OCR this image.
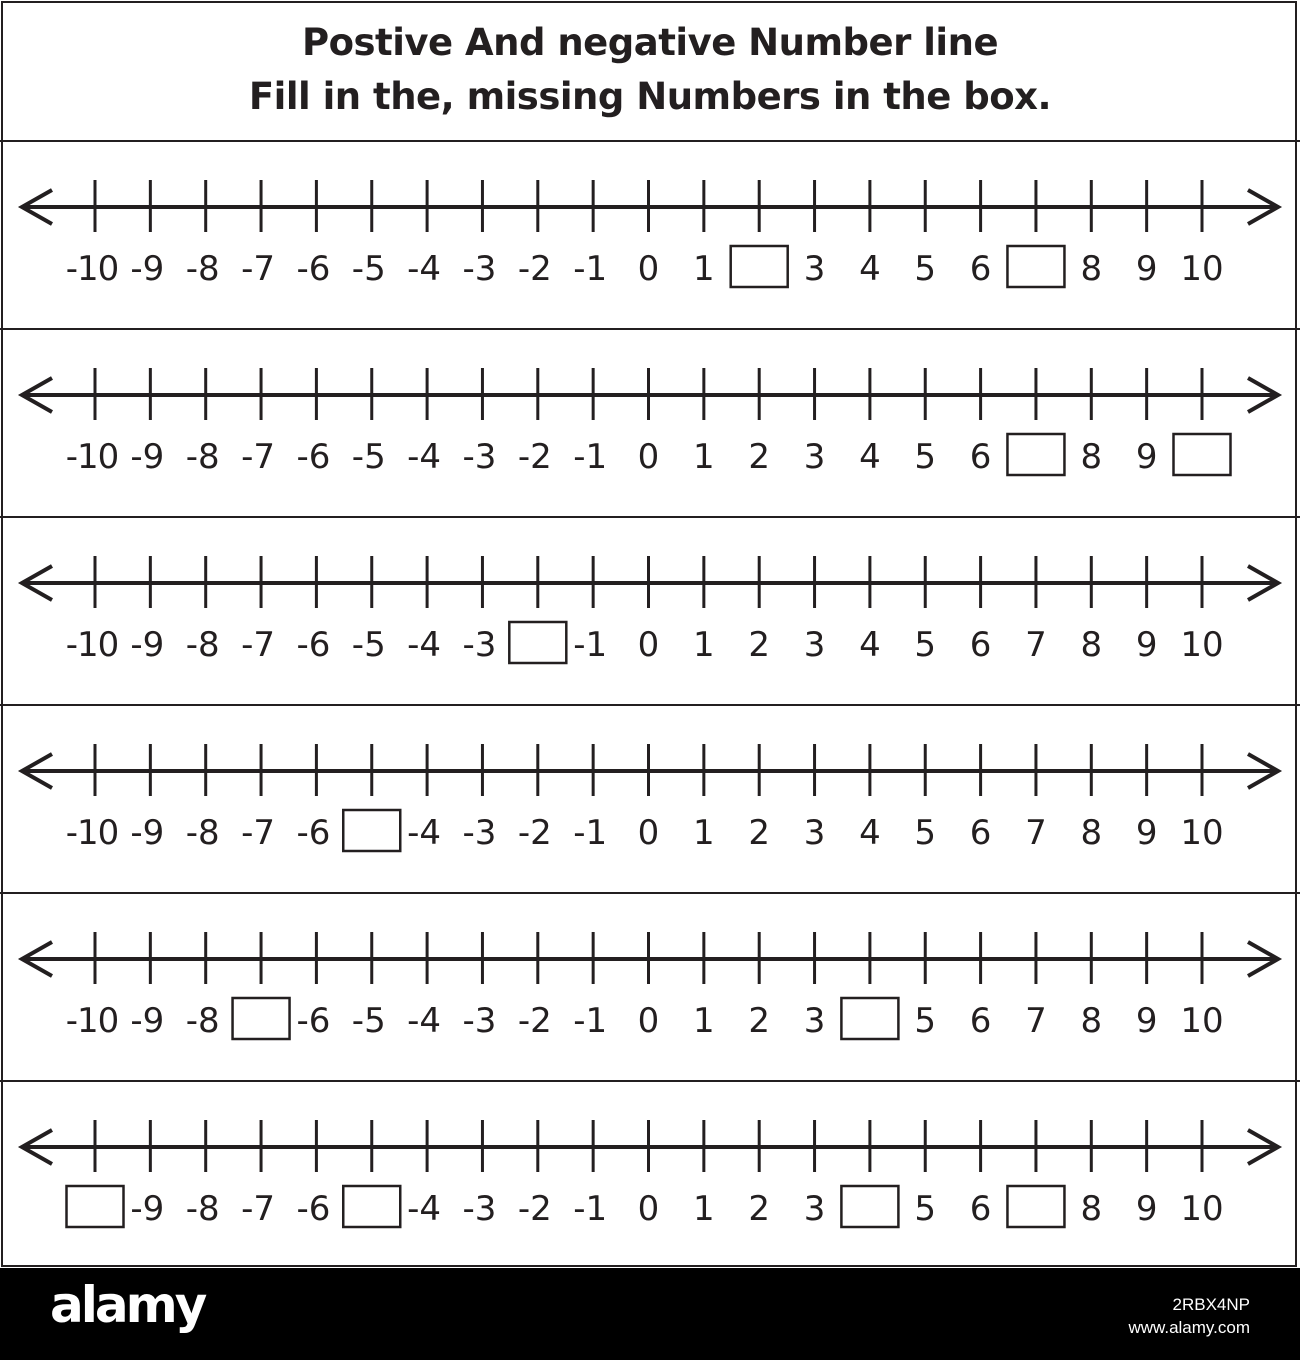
Postive And negative Number line
Fill in the, missing Numbers in the box.
-10 -9 -8 -7 -6 -5 -4 -3 -2 -1 0 1	3 4 5 6	8 9 10
-10 -9 -8 -7 -6 -5 -4 -3 -2 -1 0 1 2 3 4 5 6	8 9
-10 -9 -8 -7 -6 -5 -4 -3 -1 0 1 2 3 4 5 6 7 8 9 10
-10 -9 -8 -7 -6 -4 -3 -2 -1 0 1 2 3 4 5 6 7 8 9 10
-10 -9 -8 -6 -5 -4 -3 -2 -1 0 1 2 3	5 6 7 8 9 10
-9 -8 -7 -6 -4 -3 -2 -1 0 1 2 3	5 6	8 9 10
alamy	2RBX4NP
www.alamy.com
